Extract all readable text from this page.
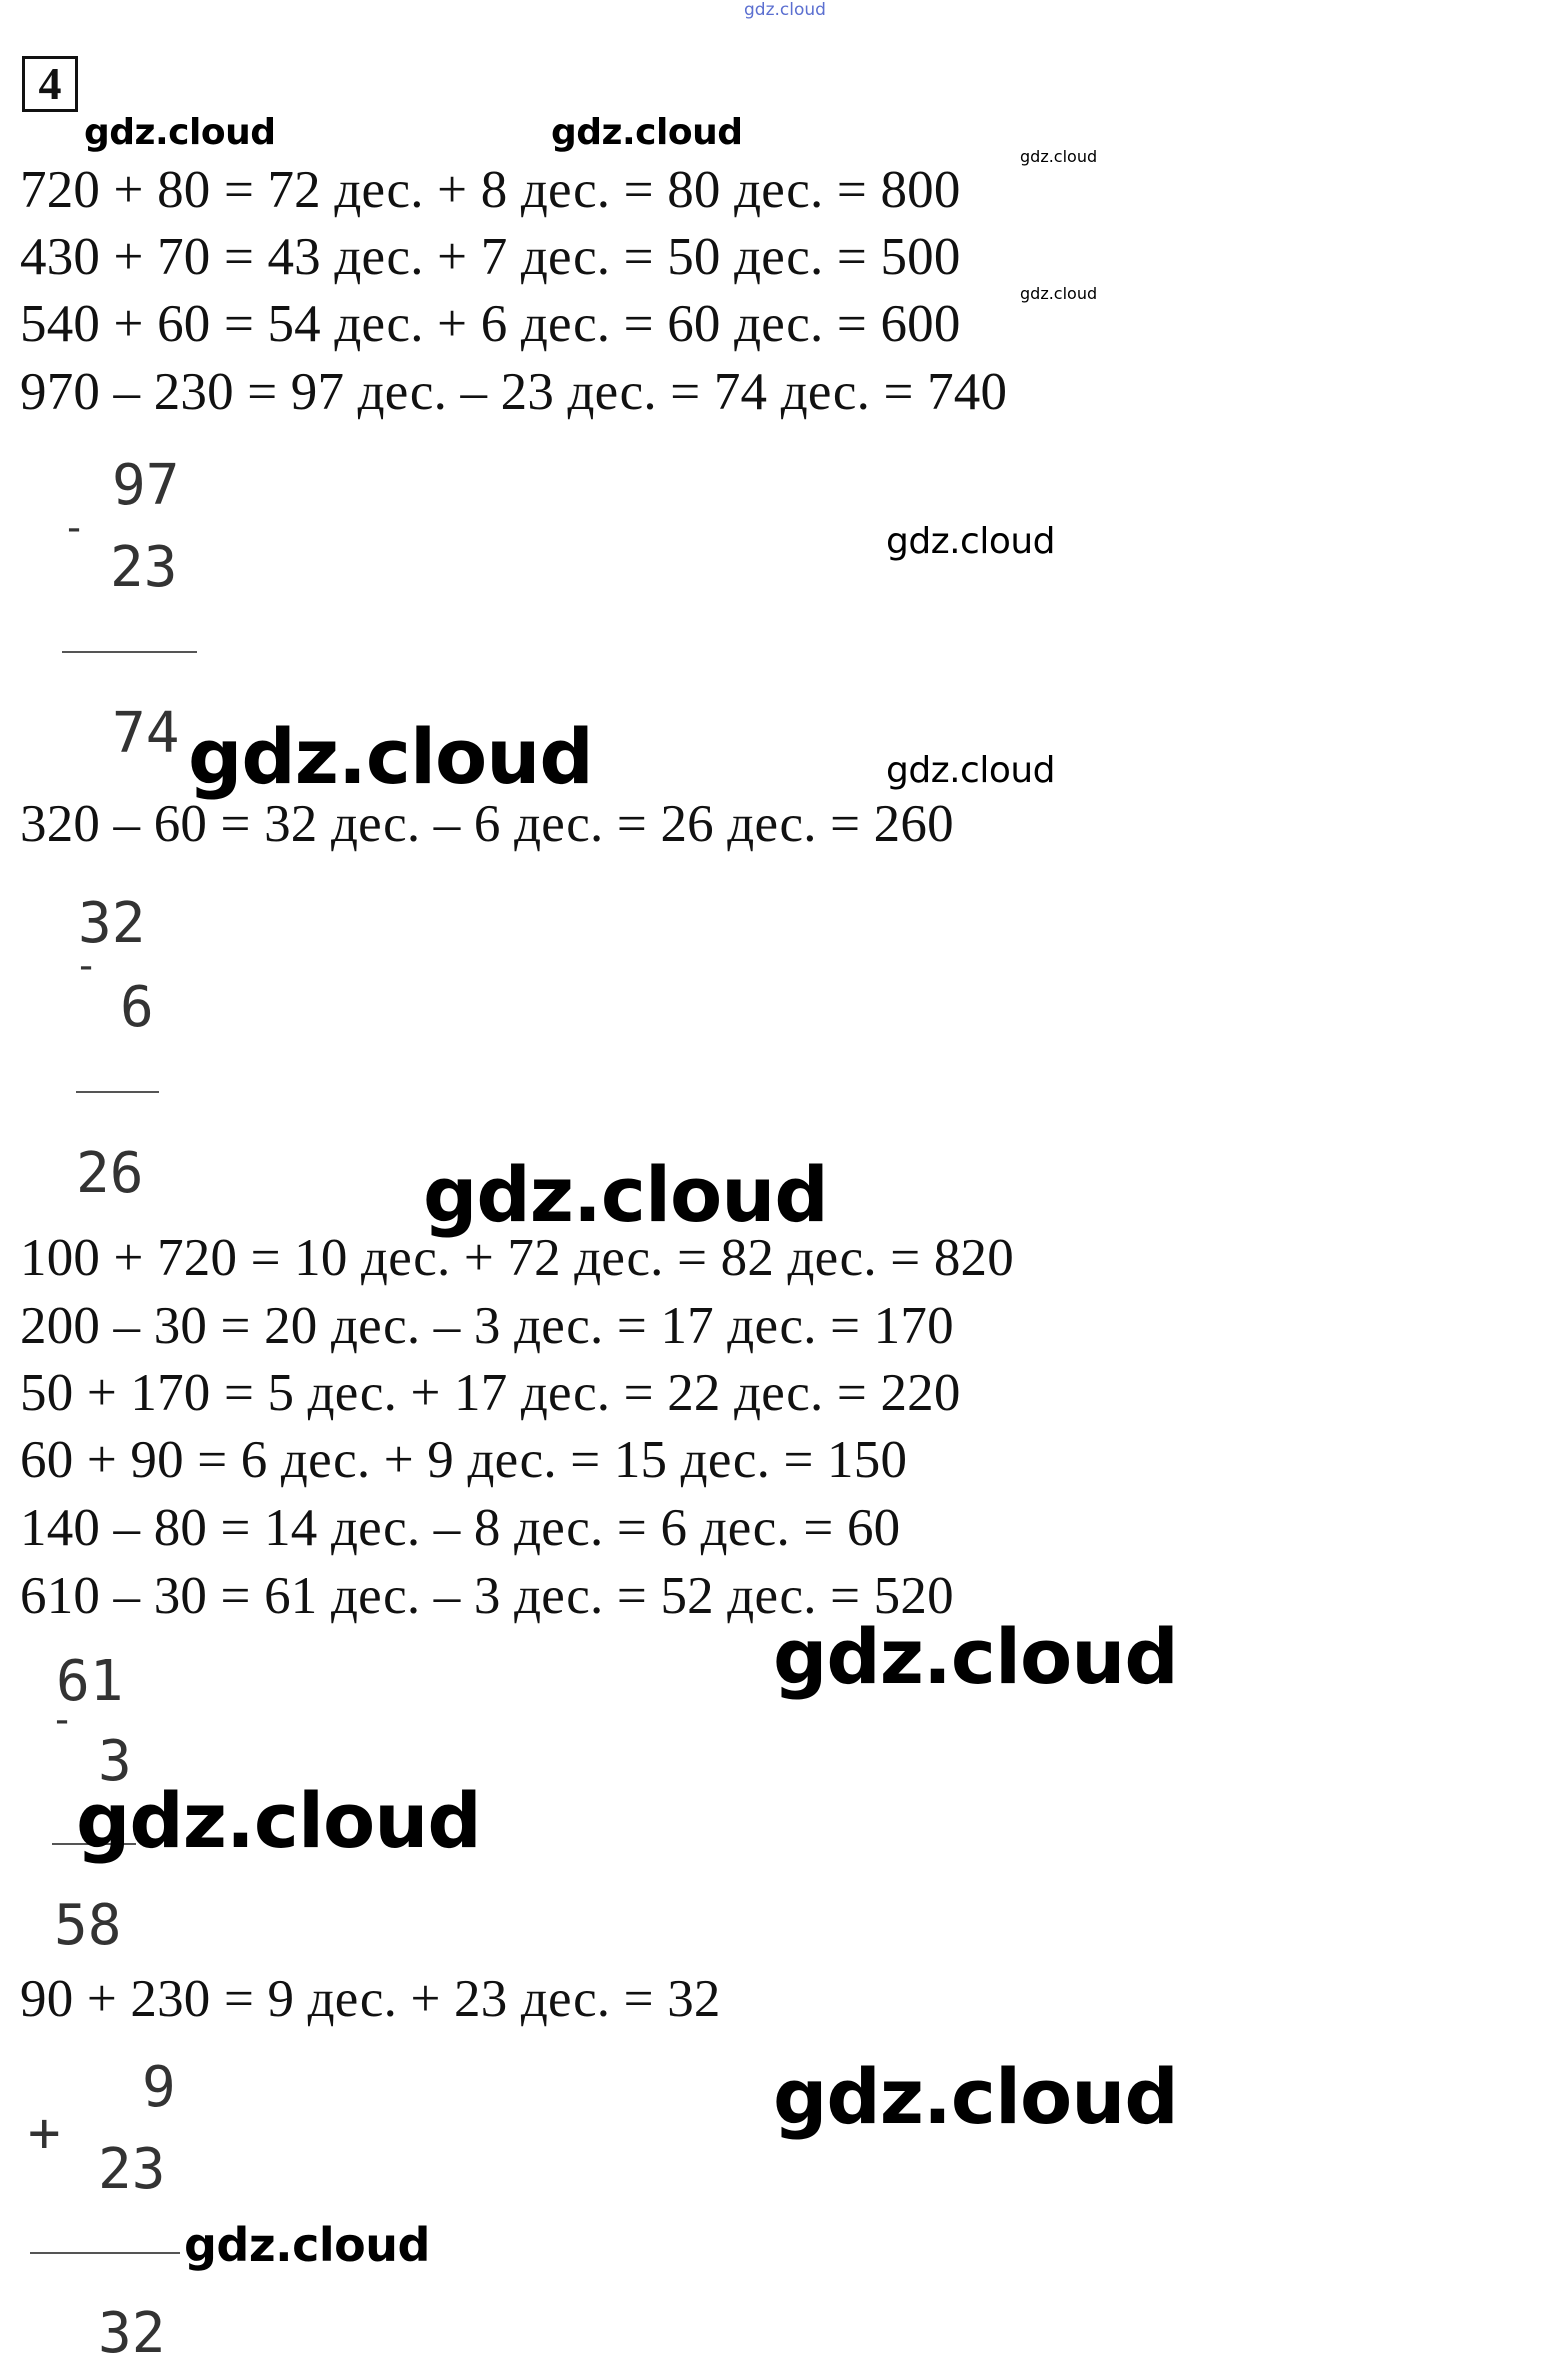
gdz.cloud
4
720 + 80 = 72 дес. + 8 дес. = 80 дес. = 800
430 + 70 = 43 дес. + 7 дес. = 50 дес. = 500
540 + 60 = 54 дес. + 6 дес. = 60 дес. = 600
970 – 230 = 97 дес. – 23 дес. = 74 дес. = 740
-
97
23
74
320 – 60 = 32 дес. – 6 дес. = 26 дес. = 260
32
-
6
26
100 + 720 = 10 дес. + 72 дес. = 82 дес. = 820
200 – 30 = 20 дес. – 3 дес. = 17 дес. = 170
50 + 170 = 5 дес. + 17 дес. = 22 дес. = 220
60 + 90 = 6 дес. + 9 дес. = 15 дес. = 150
140 – 80 = 14 дес. – 8 дес. = 6 дес. = 60
610 – 30 = 61 дес. – 3 дес. = 52 дес. = 520
61
-
3
58
90 + 230 = 9 дес. + 23 дес. = 32
9
+
23
32
gdz.cloud	gdz.cloud
gdz.cloud
gdz.cloud
gdz.cloud
gdz.cloud	gdz.cloud
gdz.cloud
gdz.cloud
gdz.cloud
gdz.cloud
gdz.cloud
